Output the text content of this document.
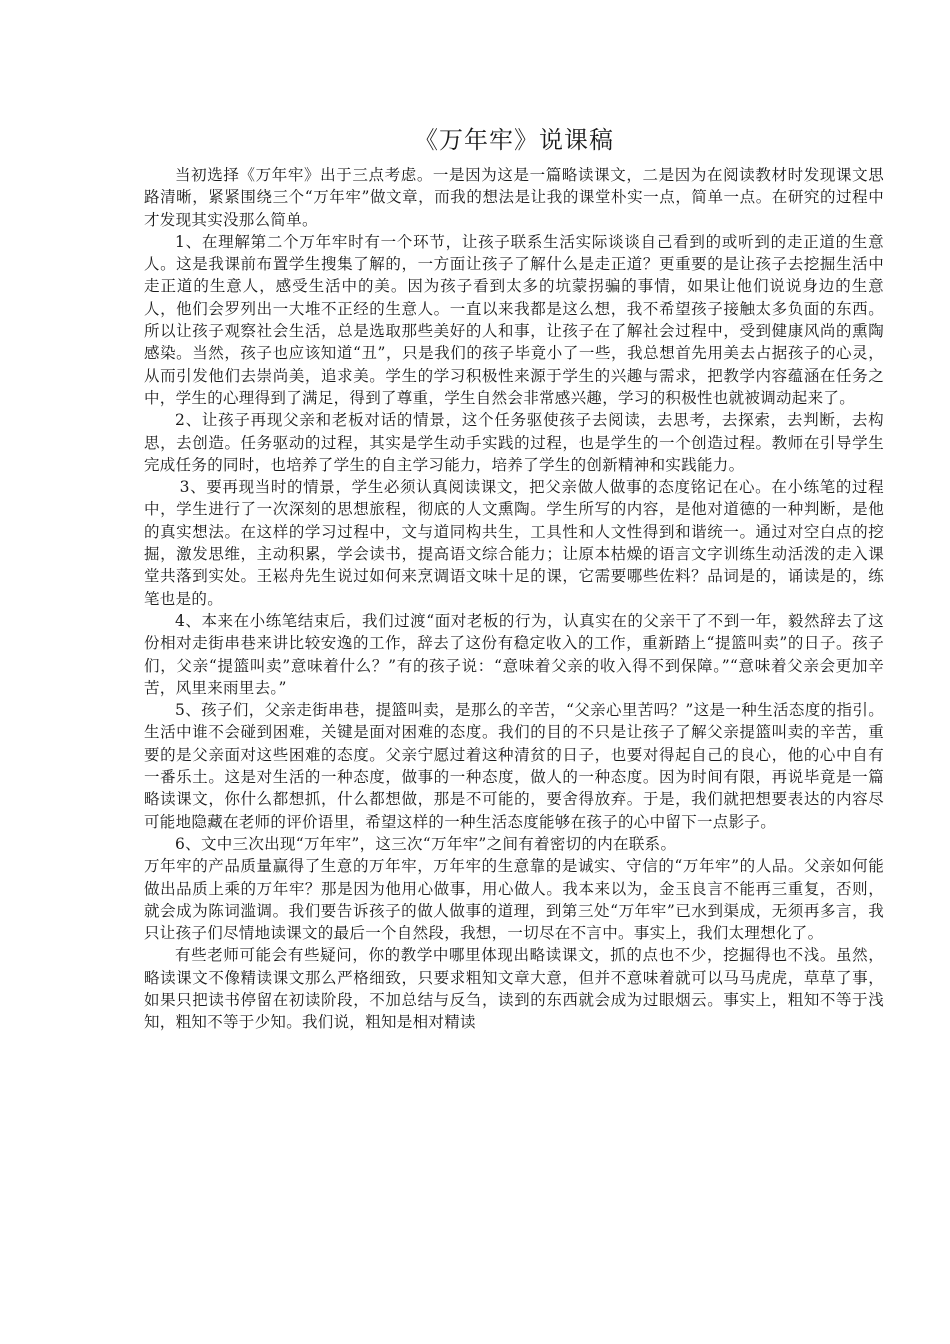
《万年牢》说课稿

当初选择《万年牢》出于三点考虑。一是因为这是一篇略读课文，二是因为在阅读教材时发现课文思路清晰，紧紧围绕三个“万年牢”做文章，而我的想法是让我的课堂朴实一点，简单一点。在研究的过程中才发现其实没那么简单。

1、在理解第二个万年牢时有一个环节，让孩子联系生活实际谈谈自己看到的或听到的走正道的生意人。这是我课前布置学生搜集了解的，一方面让孩子了解什么是走正道？更重要的是让孩子去挖掘生活中走正道的生意人，感受生活中的美。因为孩子看到太多的坑蒙拐骗的事情，如果让他们说说身边的生意人，他们会罗列出一大堆不正经的生意人。一直以来我都是这么想，我不希望孩子接触太多负面的东西。所以让孩子观察社会生活，总是选取那些美好的人和事，让孩子在了解社会过程中，受到健康风尚的熏陶感染。当然，孩子也应该知道“丑”，只是我们的孩子毕竟小了一些，我总想首先用美去占据孩子的心灵，从而引发他们去崇尚美，追求美。学生的学习积极性来源于学生的兴趣与需求，把教学内容蕴涵在任务之中，学生的心理得到了满足，得到了尊重，学生自然会非常感兴趣，学习的积极性也就被调动起来了。

2、让孩子再现父亲和老板对话的情景，这个任务驱使孩子去阅读，去思考，去探索，去判断，去构思，去创造。任务驱动的过程，其实是学生动手实践的过程，也是学生的一个创造过程。教师在引导学生完成任务的同时，也培养了学生的自主学习能力，培养了学生的创新精神和实践能力。

3、要再现当时的情景，学生必须认真阅读课文，把父亲做人做事的态度铭记在心。在小练笔的过程中，学生进行了一次深刻的思想旅程，彻底的人文熏陶。学生所写的内容，是他对道德的一种判断，是他的真实想法。在这样的学习过程中，文与道同构共生，工具性和人文性得到和谐统一。通过对空白点的挖掘，激发思维，主动积累，学会读书，提高语文综合能力；让原本枯燥的语言文字训练生动活泼的走入课堂共落到实处。王崧舟先生说过如何来烹调语文味十足的课，它需要哪些佐料？品词是的，诵读是的，练笔也是的。

4、本来在小练笔结束后，我们过渡“面对老板的行为，认真实在的父亲干了不到一年，毅然辞去了这份相对走街串巷来讲比较安逸的工作，辞去了这份有稳定收入的工作，重新踏上“提篮叫卖”的日子。孩子们，父亲“提篮叫卖”意味着什么？”有的孩子说：“意味着父亲的收入得不到保障。”“意味着父亲会更加辛苦，风里来雨里去。”

5、孩子们，父亲走街串巷，提篮叫卖，是那么的辛苦，“父亲心里苦吗？”这是一种生活态度的指引。生活中谁不会碰到困难，关键是面对困难的态度。我们的目的不只是让孩子了解父亲提篮叫卖的辛苦，重要的是父亲面对这些困难的态度。父亲宁愿过着这种清贫的日子，也要对得起自己的良心，他的心中自有一番乐土。这是对生活的一种态度，做事的一种态度，做人的一种态度。因为时间有限，再说毕竟是一篇略读课文，你什么都想抓，什么都想做，那是不可能的，要舍得放弃。于是，我们就把想要表达的内容尽可能地隐藏在老师的评价语里，希望这样的一种生活态度能够在孩子的心中留下一点影子。

6、文中三次出现“万年牢”，这三次“万年牢”之间有着密切的内在联系。

万年牢的产品质量赢得了生意的万年牢，万年牢的生意靠的是诚实、守信的“万年牢”的人品。父亲如何能做出品质上乘的万年牢？那是因为他用心做事，用心做人。我本来以为，金玉良言不能再三重复，否则，就会成为陈词滥调。我们要告诉孩子的做人做事的道理，到第三处“万年牢”已水到渠成，无须再多言，我只让孩子们尽情地读课文的最后一个自然段，我想，一切尽在不言中。事实上，我们太理想化了。

有些老师可能会有些疑问，你的教学中哪里体现出略读课文，抓的点也不少，挖掘得也不浅。虽然，略读课文不像精读课文那么严格细致，只要求粗知文章大意，但并不意味着就可以马马虎虎，草草了事，如果只把读书停留在初读阶段，不加总结与反刍，读到的东西就会成为过眼烟云。事实上，粗知不等于浅知，粗知不等于少知。我们说，粗知是相对精读
